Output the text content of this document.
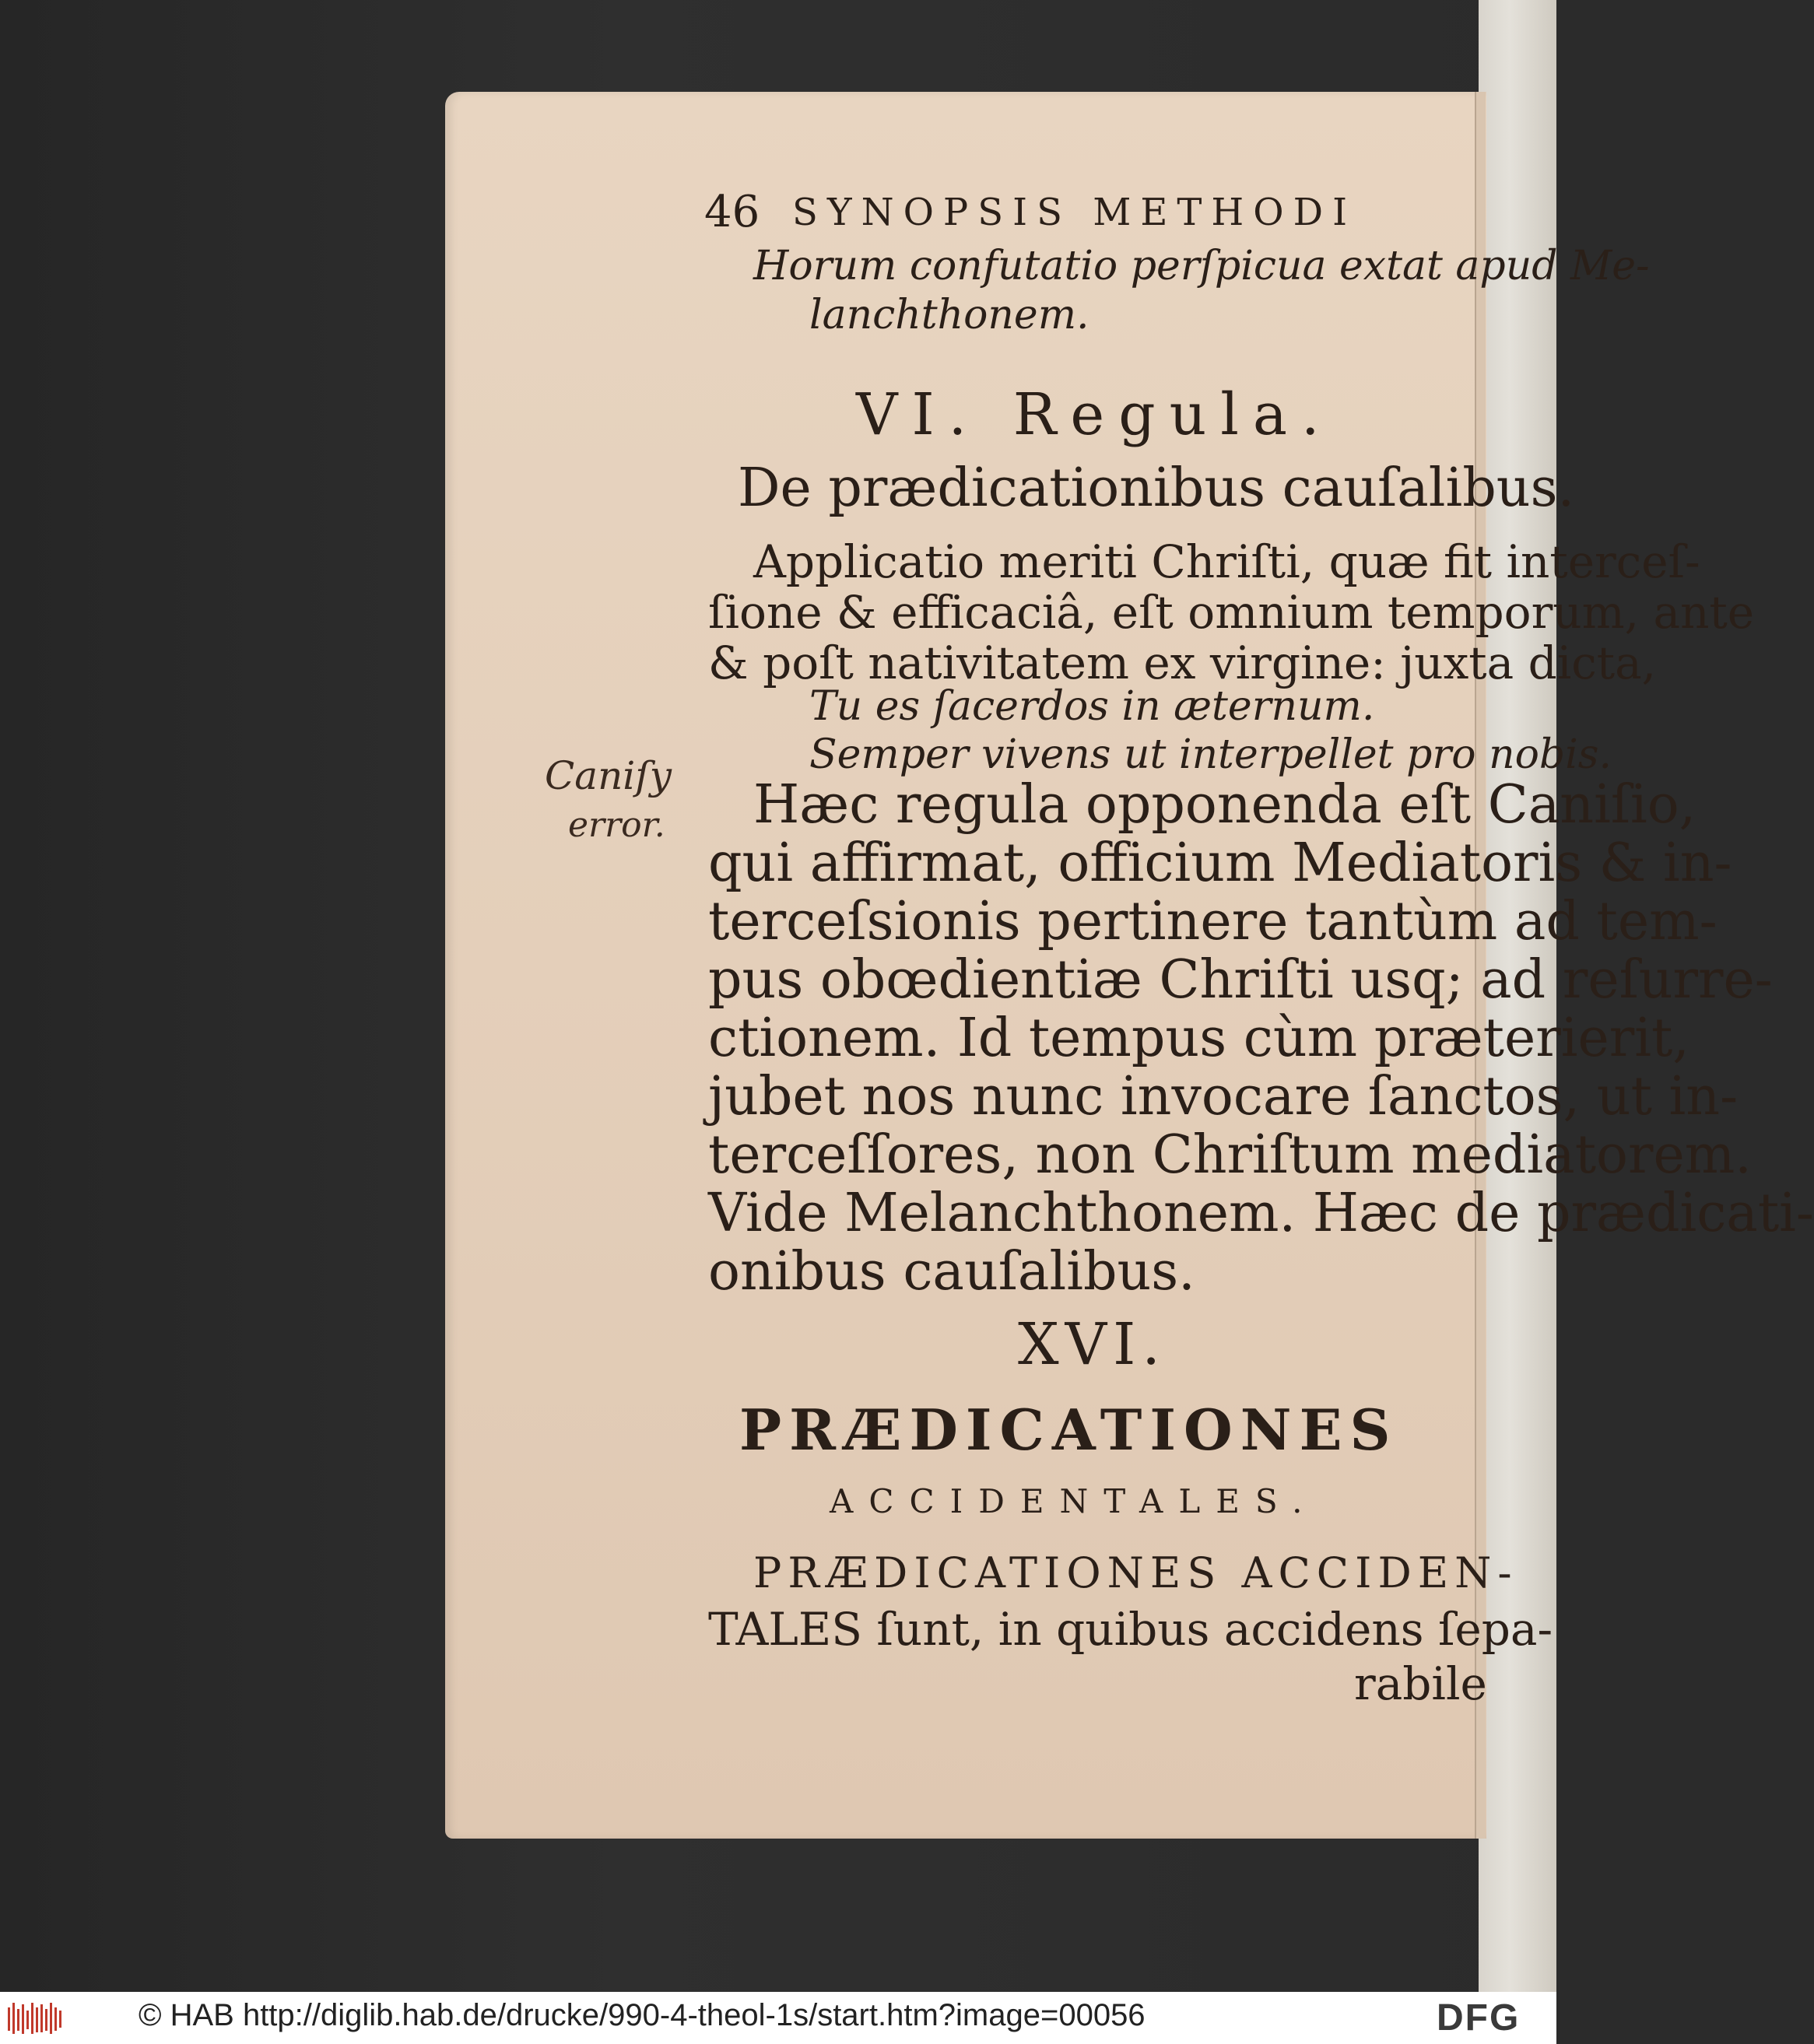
46 SYNOPSIS METHODI
Horum confutatio perſpicua extat apud Me-
lanchthonem.
VI. Regula.
De prædicationibus cauſalibus.
Applicatio meriti Chriſti, quæ fit interceſ-
ſione & efficaciâ, eſt omnium temporum, ante
& poſt nativitatem ex virgine: juxta dicta,
Tu es ſacerdos in æternum.
Semper vivens ut interpellet pro nobis.
Hæc regula opponenda eſt Caniſio,
qui affirmat, officium Mediatoris & in-
terceſsionis pertinere tantùm ad tem-
pus obœdientiæ Chriſti usq; ad reſurre-
ctionem. Id tempus cùm præterierit,
jubet nos nunc invocare ſanctos, ut in-
terceſſores, non Chriſtum mediatorem.
Vide Melanchthonem. Hæc de prædicati-
onibus cauſalibus.
XVI.
PRÆDICATIONES
ACCIDENTALES.
PRÆDICATIONES ACCIDEN-
TALES ſunt, in quibus accidens ſepa-
rabile
Caniſy
error.
© HAB http://diglib.hab.de/drucke/990-4-theol-1s/start.htm?image=00056	DFG
